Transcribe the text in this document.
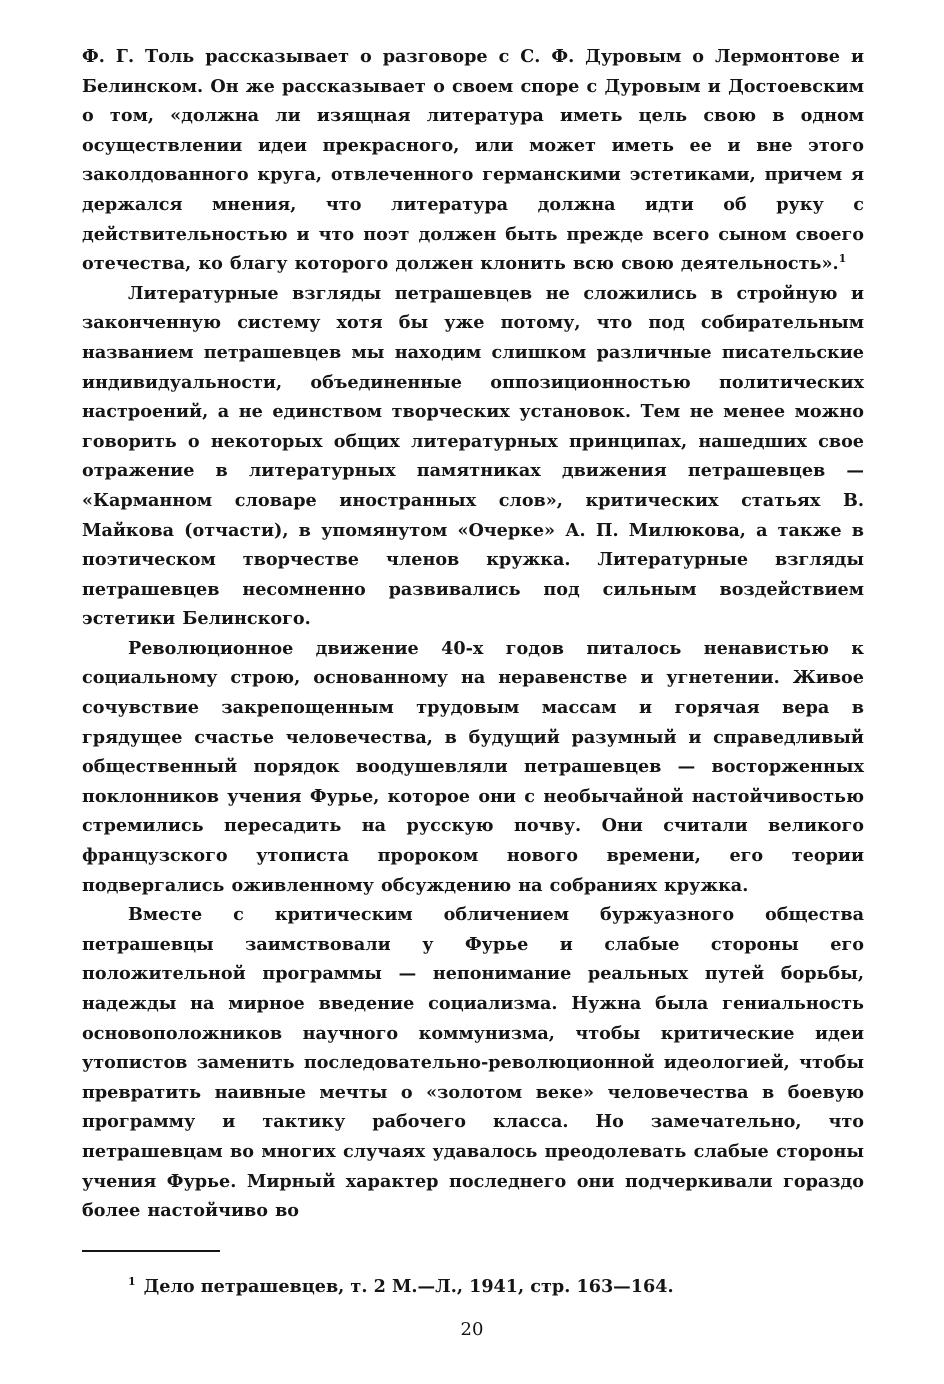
Ф. Г. Толь рассказывает о разговоре с С. Ф. Дуровым о Лермонтове и Белинском. Он же рассказывает о своем споре с Дуровым и Достоевским о том, «должна ли изящная литература иметь цель свою в одном осуществлении идеи прекрасного, или может иметь ее и вне этого заколдованного круга, отвлеченного германскими эстетиками, причем я держался мнения, что литература должна идти об руку с действительностью и что поэт должен быть прежде всего сыном своего отечества, ко благу которого должен клонить всю свою деятельность».$^1$

Литературные взгляды петрашевцев не сложились в стройную и законченную систему хотя бы уже потому, что под собирательным названием петрашевцев мы находим слишком различные писательские индивидуальности, объединенные оппозиционностью политических настроений, а не единством творческих установок. Тем не менее можно говорить о некоторых общих литературных принципах, нашедших свое отражение в литературных памятниках движения петрашевцев — «Карманном словаре иностранных слов», критических статьях В. Майкова (отчасти), в упомянутом «Очерке» А. П. Милюкова, а также в поэтическом творчестве членов кружка. Литературные взгляды петрашевцев несомненно развивались под сильным воздействием эстетики Белинского.

Революционное движение 40-х годов питалось ненавистью к социальному строю, основанному на неравенстве и угнетении. Живое сочувствие закрепощенным трудовым массам и горячая вера в грядущее счастье человечества, в будущий разумный и справедливый общественный порядок воодушевляли петрашевцев — восторженных поклонников учения Фурье, которое они с необычайной настойчивостью стремились пересадить на русскую почву. Они считали великого французского утописта пророком нового времени, его теории подвергались оживленному обсуждению на собраниях кружка.

Вместе с критическим обличением буржуазного общества петрашевцы заимствовали у Фурье и слабые стороны его положительной программы — непонимание реальных путей борьбы, надежды на мирное введение социализма. Нужна была гениальность основоположников научного коммунизма, чтобы критические идеи утопистов заменить последовательно-революционной идеологией, чтобы превратить наивные мечты о «золотом веке» человечества в боевую программу и тактику рабочего класса. Но замечательно, что петрашевцам во многих случаях удавалось преодолевать слабые стороны учения Фурье. Мирный характер последнего они подчеркивали гораздо более настойчиво во

$^1$ Дело петрашевцев, т. 2 М.—Л., 1941, стр. 163—164.
20
